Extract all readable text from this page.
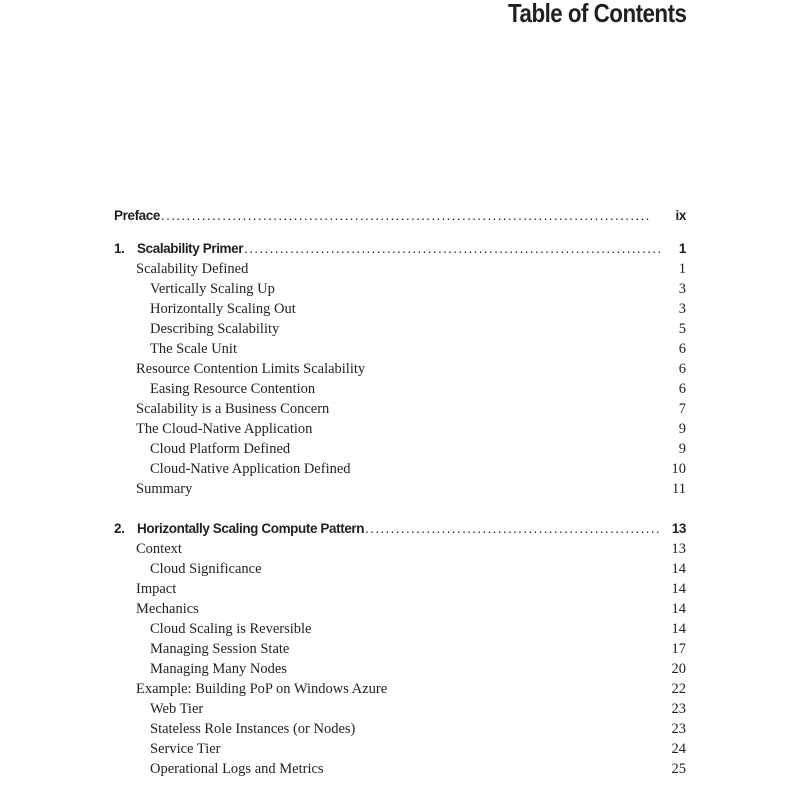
Table of Contents
Preface . . .	ix
1. Scalability Primer . . .	1
Scalability Defined	1
Vertically Scaling Up	3
Horizontally Scaling Out	3
Describing Scalability	5
The Scale Unit	6
Resource Contention Limits Scalability	6
Easing Resource Contention	6
Scalability is a Business Concern	7
The Cloud-Native Application	9
Cloud Platform Defined	9
Cloud-Native Application Defined	10
Summary	11
2. Horizontally Scaling Compute Pattern . . .	13
Context	13
Cloud Significance	14
Impact	14
Mechanics	14
Cloud Scaling is Reversible	14
Managing Session State	17
Managing Many Nodes	20
Example: Building PoP on Windows Azure	22
Web Tier	23
Stateless Role Instances (or Nodes)	23
Service Tier	24
Operational Logs and Metrics	25
